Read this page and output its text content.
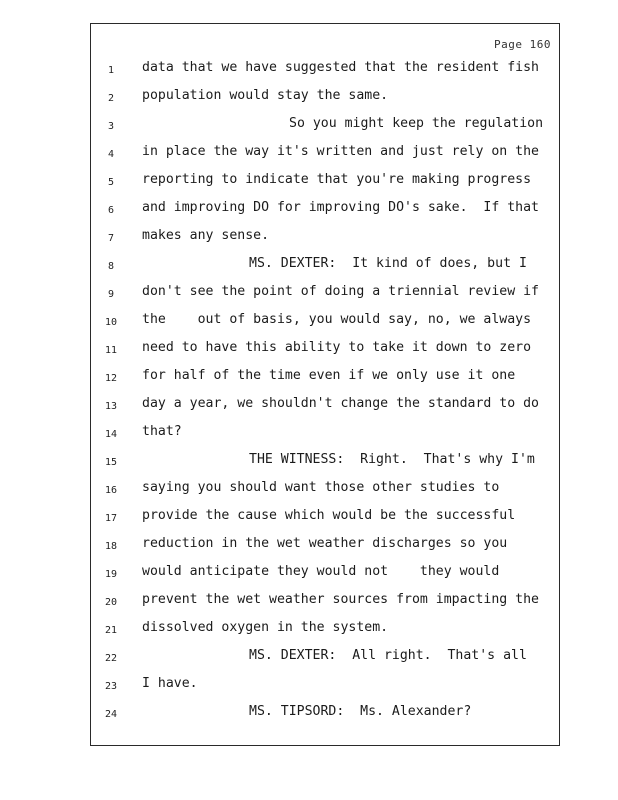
Page 160
1
2
3
4
5
6
7
8
9
10
11
12
13
14
15
16
17
18
19
20
21
22
23
24
data that we have suggested that the resident fish
population would stay the same.
So you might keep the regulation
in place the way it's written and just rely on the
reporting to indicate that you're making progress
and improving DO for improving DO's sake.  If that
makes any sense.
MS. DEXTER:  It kind of does, but I
don't see the point of doing a triennial review if
the    out of basis, you would say, no, we always
need to have this ability to take it down to zero
for half of the time even if we only use it one
day a year, we shouldn't change the standard to do
that?
THE WITNESS:  Right.  That's why I'm
saying you should want those other studies to
provide the cause which would be the successful
reduction in the wet weather discharges so you
would anticipate they would not    they would
prevent the wet weather sources from impacting the
dissolved oxygen in the system.
MS. DEXTER:  All right.  That's all
I have.
MS. TIPSORD:  Ms. Alexander?
